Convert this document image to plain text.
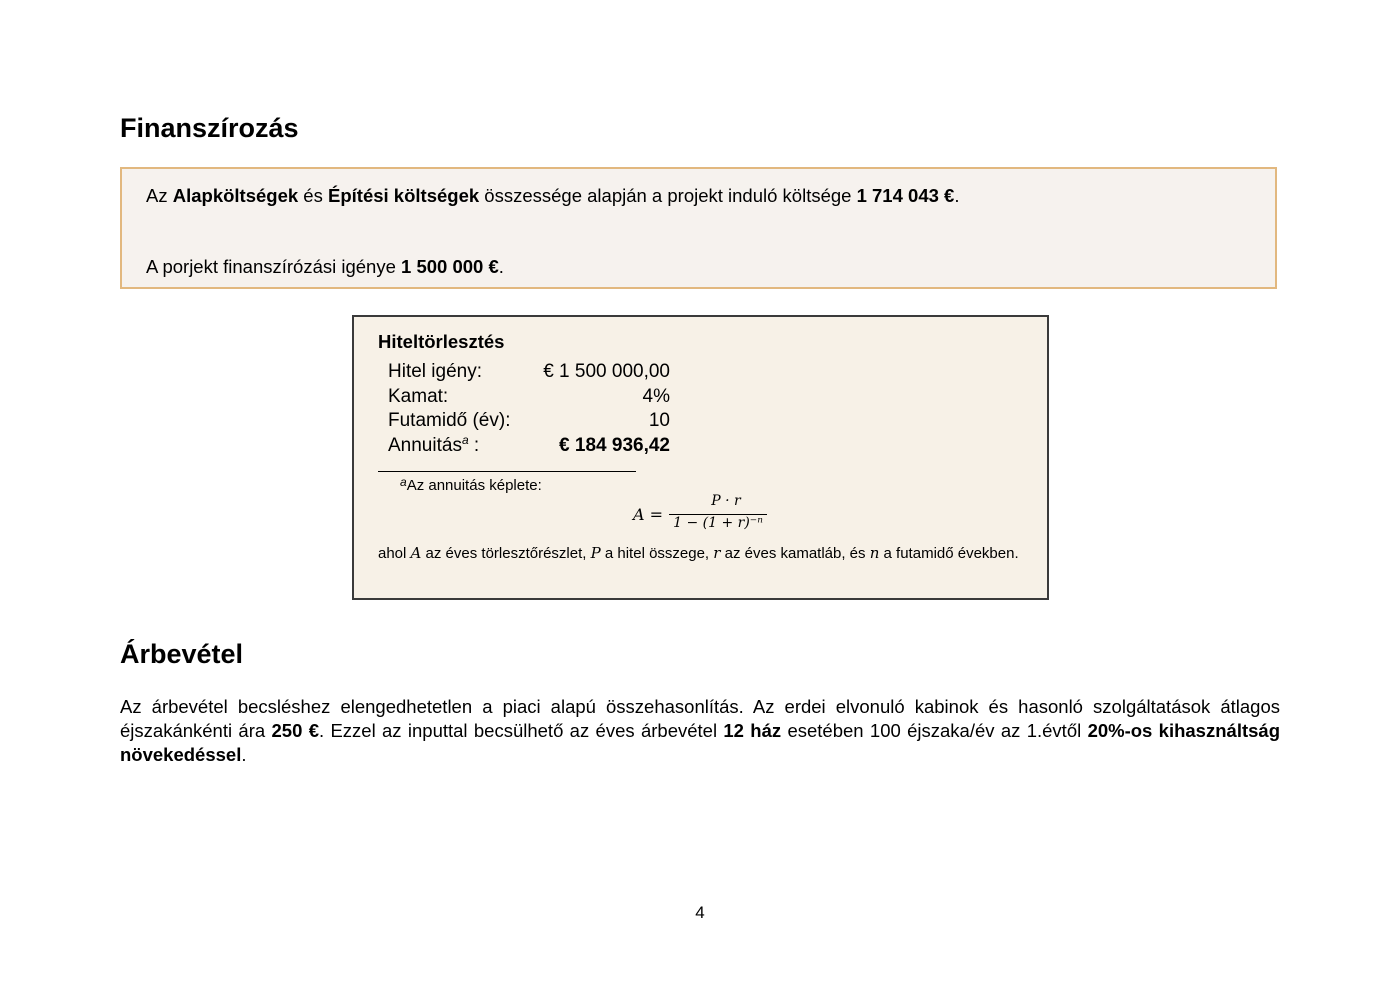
Finanszírozás
Az Alapköltségek és Építési költségek összessége alapján a projekt induló költsége 1 714 043 €.
A porjekt finanszírózási igénye 1 500 000 €.
Hiteltörlesztés
Hitel igény:	€ 1 500 000,00
Kamat:	4%
Futamidő (év):	10
Annuitás$^a$ :	€ 184 936,42
$^a$Az annuitás képlete:
A =
P · r
1 − (1 + r)⁻ⁿ
ahol A az éves törlesztőrészlet, P a hitel összege, r az éves kamatláb, és n a futamidő években.
Árbevétel
Az árbevétel becsléshez elengedhetetlen a piaci alapú összehasonlítás. Az erdei elvonuló kabinok és hasonló szolgáltatások átlagos éjszakánkénti ára 250 €. Ezzel az inputtal becsülhető az éves árbevétel 12 ház esetében 100 éjszaka/év az 1.évtől 20%-os kihasználtság növekedéssel.
4
